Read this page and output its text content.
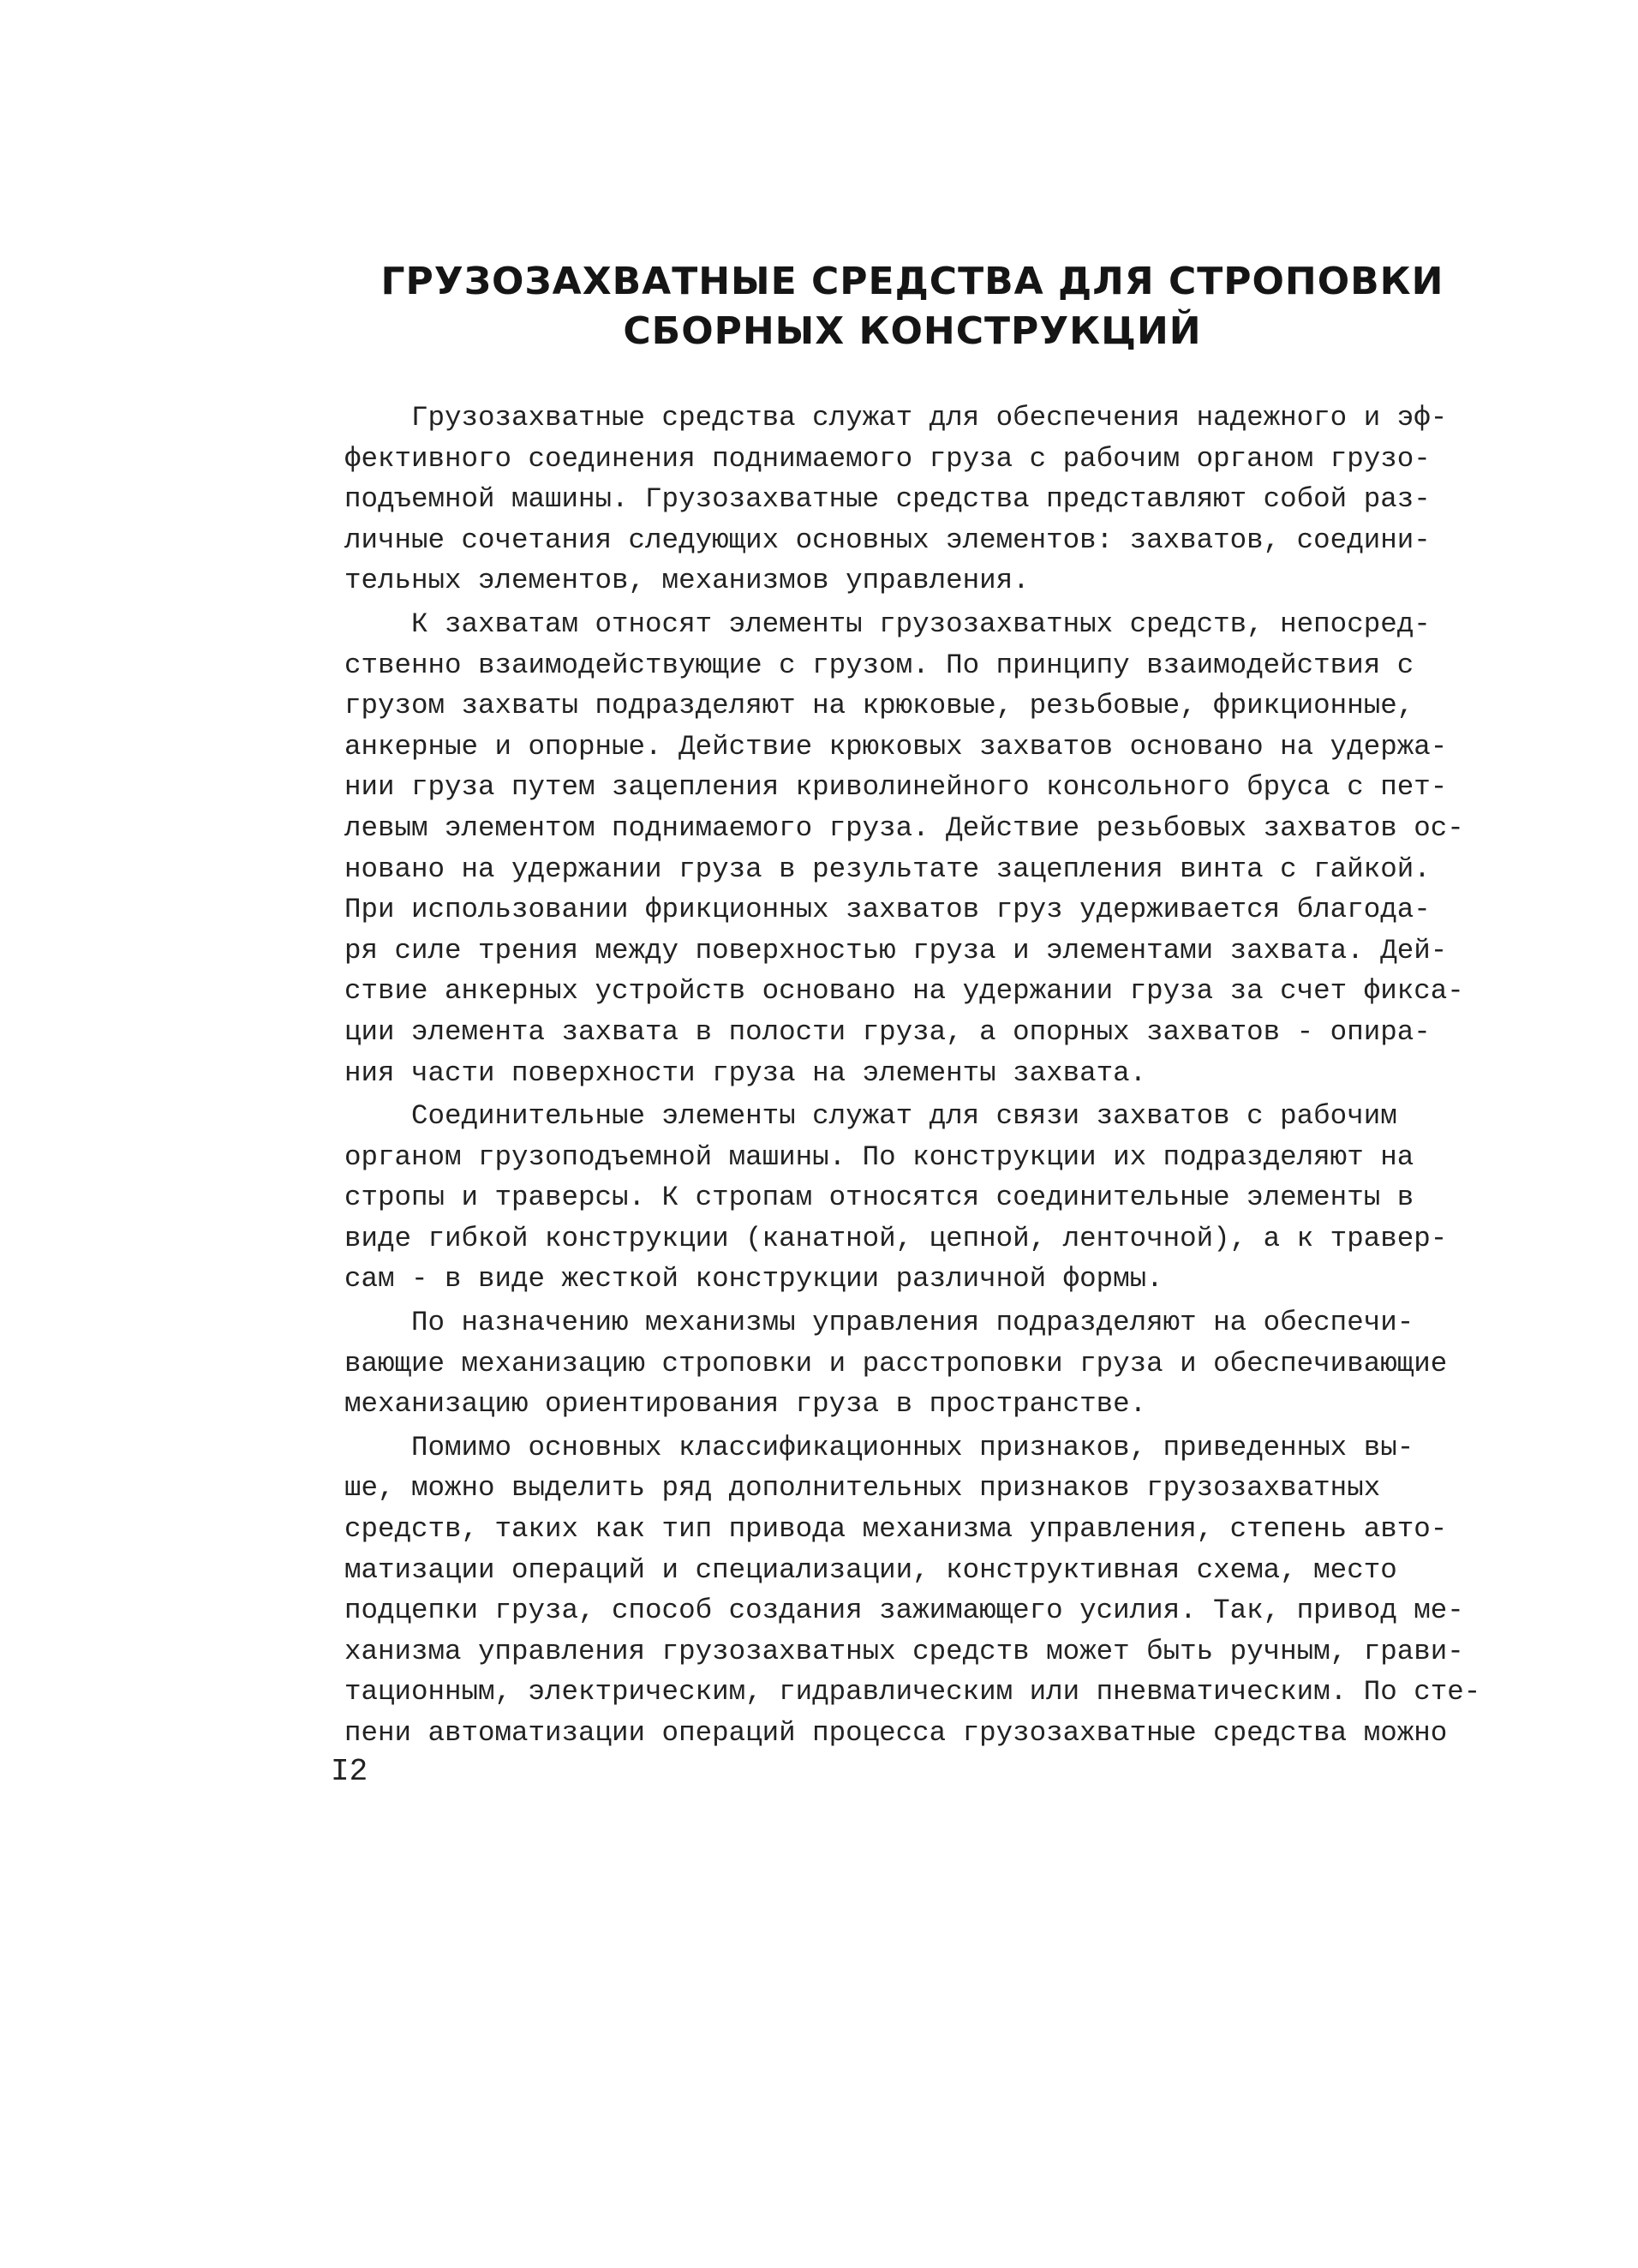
ГРУЗОЗАХВАТНЫЕ СРЕДСТВА ДЛЯ СТРОПОВКИ
СБОРНЫХ КОНСТРУКЦИЙ
Грузозахватные средства служат для обеспечения надежного и эф-
фективного соединения поднимаемого груза с рабочим органом грузо-
подъемной машины. Грузозахватные средства представляют собой раз-
личные сочетания следующих основных элементов: захватов, соедини-
тельных элементов, механизмов управления.
К захватам относят элементы грузозахватных средств, непосред-
ственно взаимодействующие с грузом. По принципу взаимодействия с
грузом захваты подразделяют на крюковые, резьбовые, фрикционные,
анкерные и опорные. Действие крюковых захватов основано на удержа-
нии груза путем зацепления криволинейного консольного бруса с пет-
левым элементом поднимаемого груза. Действие резьбовых захватов ос-
новано на удержании груза в результате зацепления винта с гайкой.
При использовании фрикционных захватов груз удерживается благода-
ря силе трения между поверхностью груза и элементами захвата. Дей-
ствие анкерных устройств основано на удержании груза за счет фикса-
ции элемента захвата в полости груза, а опорных захватов - опира-
ния части поверхности груза на элементы захвата.
Соединительные элементы служат для связи захватов с рабочим
органом грузоподъемной машины. По конструкции их подразделяют на
стропы и траверсы. К стропам относятся соединительные элементы в
виде гибкой конструкции (канатной, цепной, ленточной), а к травер-
сам - в виде жесткой конструкции различной формы.
По назначению механизмы управления подразделяют на обеспечи-
вающие механизацию строповки и расстроповки груза и обеспечивающие
механизацию ориентирования груза в пространстве.
Помимо основных классификационных признаков, приведенных вы-
ше, можно выделить ряд дополнительных признаков грузозахватных
средств, таких как тип привода механизма управления, степень авто-
матизации операций и специализации, конструктивная схема, место
подцепки груза, способ создания зажимающего усилия. Так, привод ме-
ханизма управления грузозахватных средств может быть ручным, грави-
тационным, электрическим, гидравлическим или пневматическим. По сте-
пени автоматизации операций процесса грузозахватные средства можно
I2
